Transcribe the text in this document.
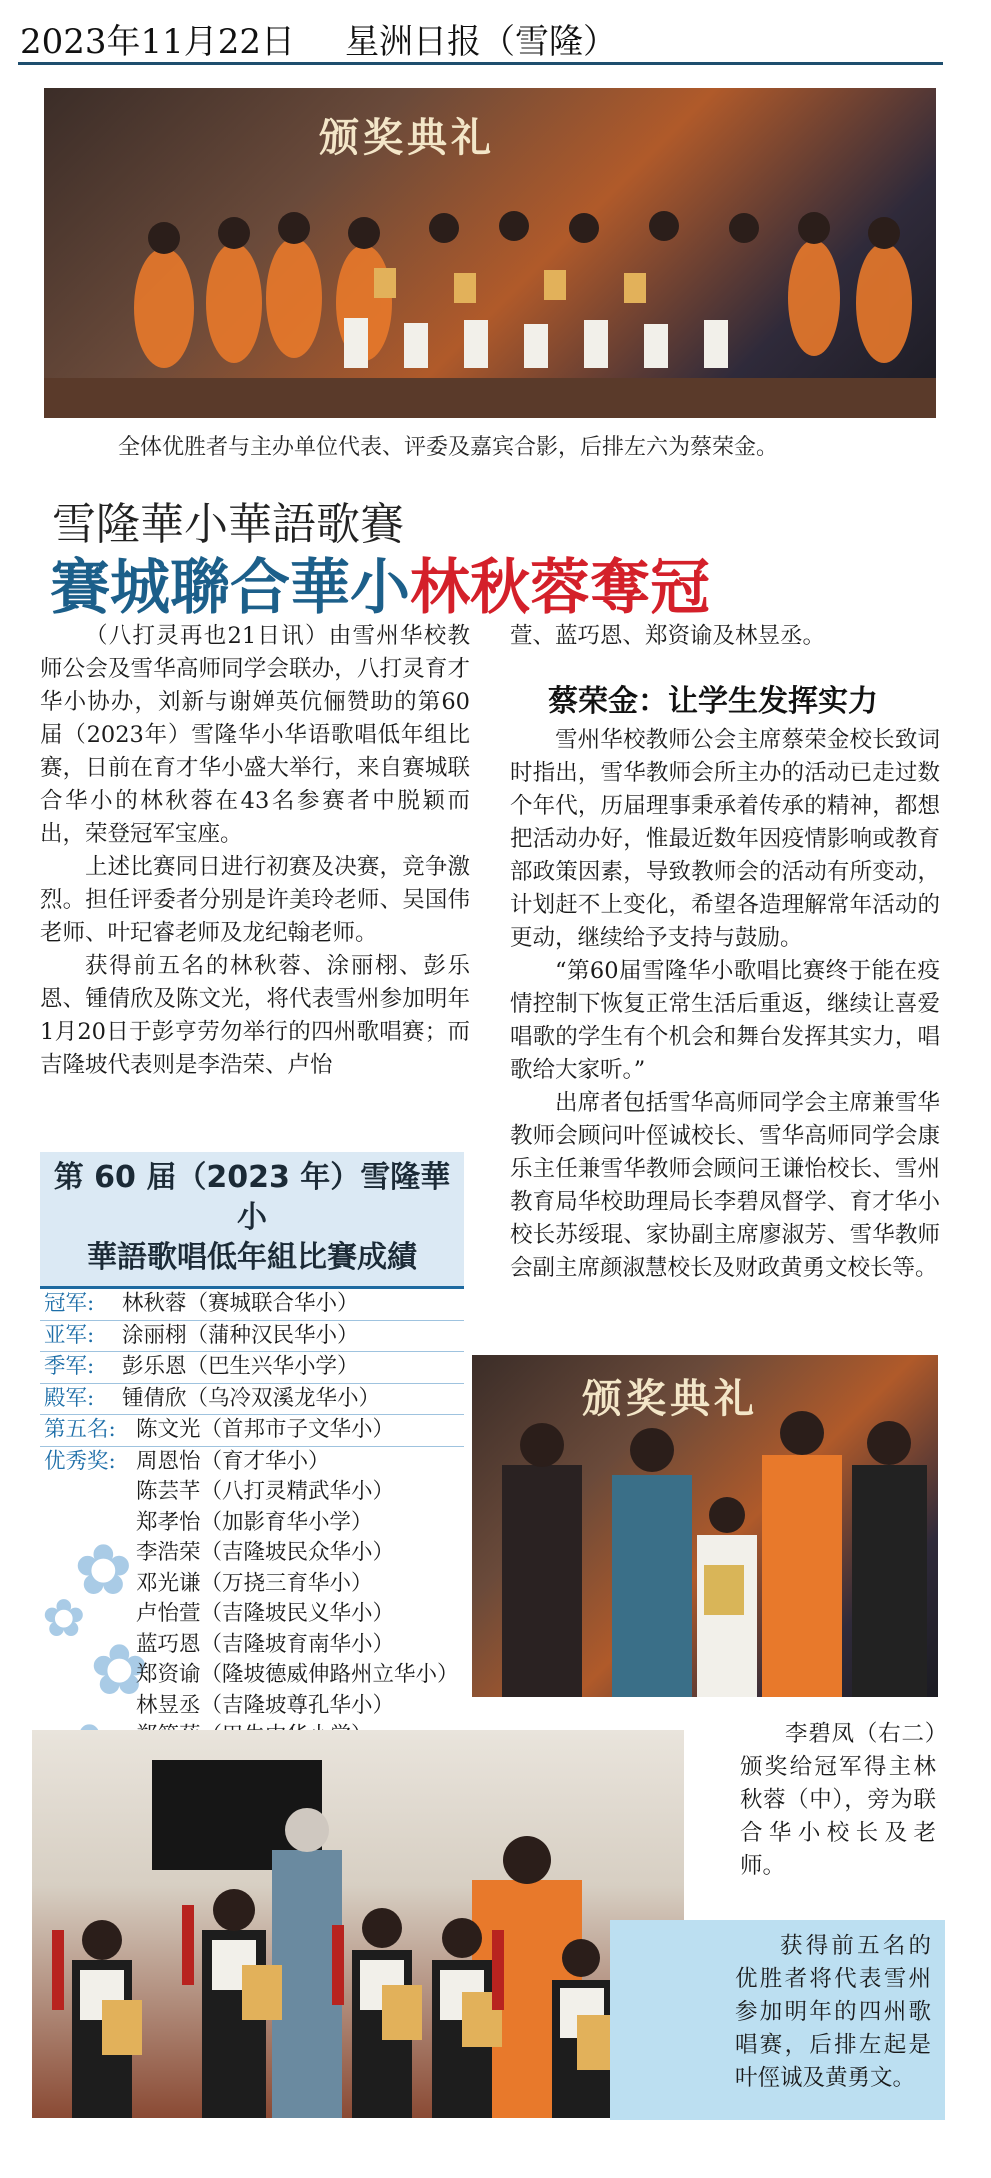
2023年11月22日 星洲日报（雪隆）
颁奖典礼
全体优胜者与主办单位代表、评委及嘉宾合影，后排左六为蔡荣金。
雪隆華小華語歌賽
賽城聯合華小林秋蓉奪冠

（八打灵再也21日讯）由雪州华校教师公会及雪华高师同学会联办，八打灵育才华小协办，刘新与谢婵英伉俪赞助的第60届（2023年）雪隆华小华语歌唱低年组比赛，日前在育才华小盛大举行，来自赛城联合华小的林秋蓉在43名参赛者中脱颖而出，荣登冠军宝座。

上述比赛同日进行初赛及决赛，竞争激烈。担任评委者分别是许美玲老师、吴国伟老师、叶玘睿老师及龙纪翰老师。

获得前五名的林秋蓉、涂丽栩、彭乐恩、锺倩欣及陈文光，将代表雪州参加明年1月20日于彭亨劳勿举行的四州歌唱赛；而吉隆坡代表则是李浩荣、卢怡

萱、蓝巧恩、郑资谕及林昱丞。

蔡荣金：让学生发挥实力

雪州华校教师公会主席蔡荣金校长致词时指出，雪华教师会所主办的活动已走过数个年代，历届理事秉承着传承的精神，都想把活动办好，惟最近数年因疫情影响或教育部政策因素，导致教师会的活动有所变动，计划赶不上变化，希望各造理解常年活动的更动，继续给予支持与鼓励。

“第60届雪隆华小歌唱比赛终于能在疫情控制下恢复正常生活后重返，继续让喜爱唱歌的学生有个机会和舞台发挥其实力，唱歌给大家听。”

出席者包括雪华高师同学会主席兼雪华教师会顾问叶俓诚校长、雪华高师同学会康乐主任兼雪华教师会顾问王谦怡校长、雪州教育局华校助理局长李碧凤督学、育才华小校长苏绥琨、家协副主席廖淑芳、雪华教师会副主席颜淑慧校长及财政黄勇文校长等。

第 60 届（2023 年）雪隆華小
華語歌唱低年組比賽成績
✿
✿
✿
冠军: 林秋蓉（赛城联合华小）
亚军: 涂丽栩（蒲种汉民华小）
季军: 彭乐恩（巴生兴华小学）
殿军: 锺倩欣（乌冷双溪龙华小）
第五名: 陈文光（首邦市子文华小）
优秀奖: 周恩怡（育才华小）
陈芸芊（八打灵精武华小）
郑孝怡（加影育华小学）
李浩荣（吉隆坡民众华小）
邓光谦（万挠三育华小）
卢怡萱（吉隆坡民义华小）
蓝巧恩（吉隆坡育南华小）
郑资谕（隆坡德威伸路州立华小）
林昱丞（吉隆坡尊孔华小）
颁奖典礼
李碧凤（右二）颁奖给冠军得主林秋蓉（中），旁为联合华小校长及老师。
获得前五名的优胜者将代表雪州参加明年的四州歌唱赛，后排左起是叶俓诚及黄勇文。
